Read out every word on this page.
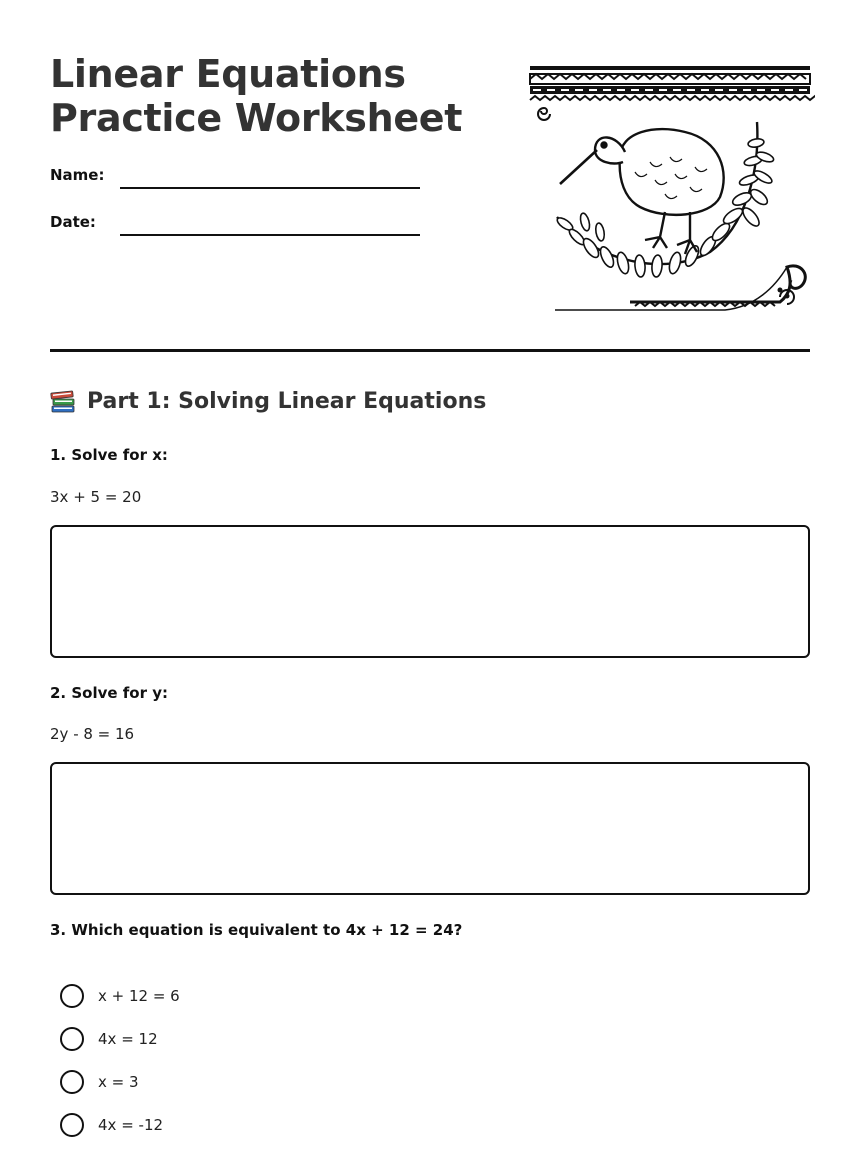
Linear Equations
Practice Worksheet
Name:
Date:
Part 1: Solving Linear Equations
1. Solve for x:
3x + 5 = 20
2. Solve for y:
2y - 8 = 16
3. Which equation is equivalent to 4x + 12 = 24?
x + 12 = 6
4x = 12
x = 3
4x = -12
